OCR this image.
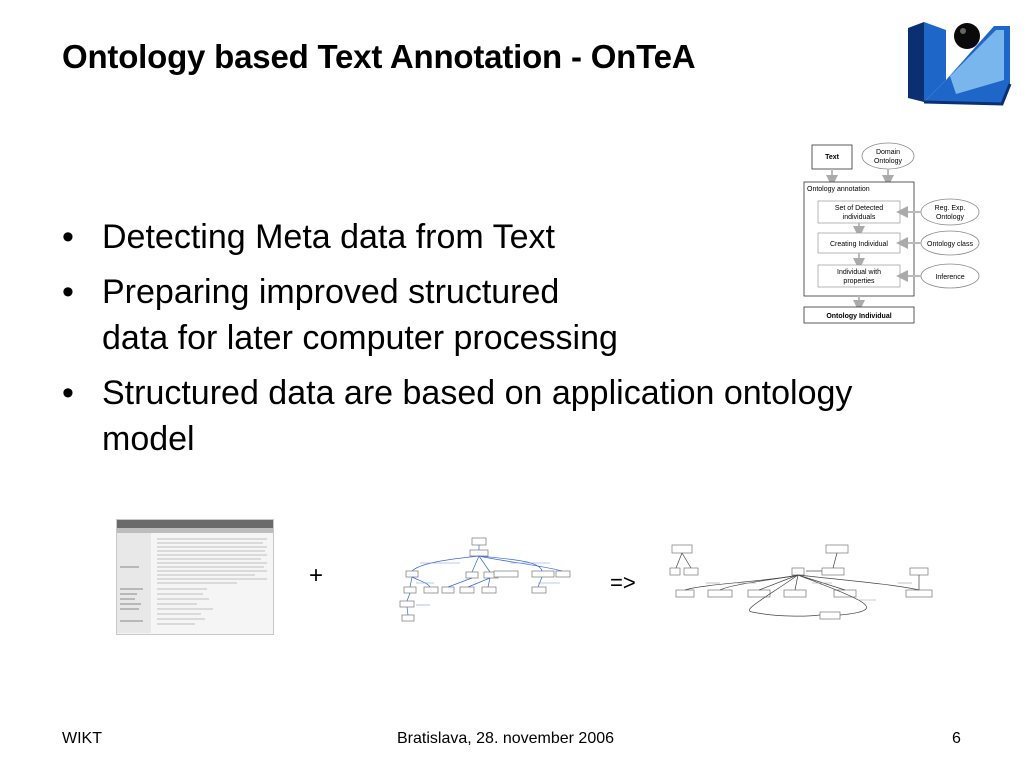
Ontology based Text Annotation - OnTeA
• Detecting Meta data from Text
• Preparing improved structured
data for later computer processing
• Structured data are based on application ontology
model
Text
Domain
Ontology
Ontology annotation
Set of Detected
individuals
Creating Individual
Individual with
properties
Reg. Exp.
Ontology
Ontology class
Inference
Ontology Individual
+	=>
WIKT	Bratislava, 28. november 2006	6
